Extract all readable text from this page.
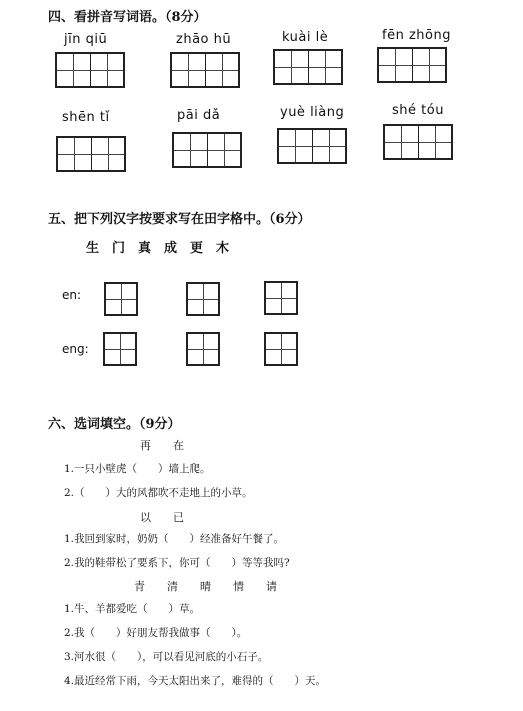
四、看拼音写词语。（8分）
jīn qiū	zhāo hū	kuài lè	fēn zhōng
shēn tǐ	pāi dǎ	yuè liàng	shé tóu
五、把下列汉字按要求写在田字格中。（6分）
生　门　真　成　更　木
en:
eng:
六、选词填空。（9分）
再　　在
1.一只小壁虎（　　）墙上爬。
2.（　　）大的风都吹不走地上的小草。
以　　已
1.我回到家时，奶奶（　　）经准备好午餐了。
2.我的鞋带松了要系下，你可（　　）等等我吗?
青　　清　　晴　　情　　请
1.牛、羊都爱吃（　　）草。
2.我（　　）好朋友帮我做事（　　）。
3.河水很（　　），可以看见河底的小石子。
4.最近经常下雨，今天太阳出来了，难得的（　　）天。
